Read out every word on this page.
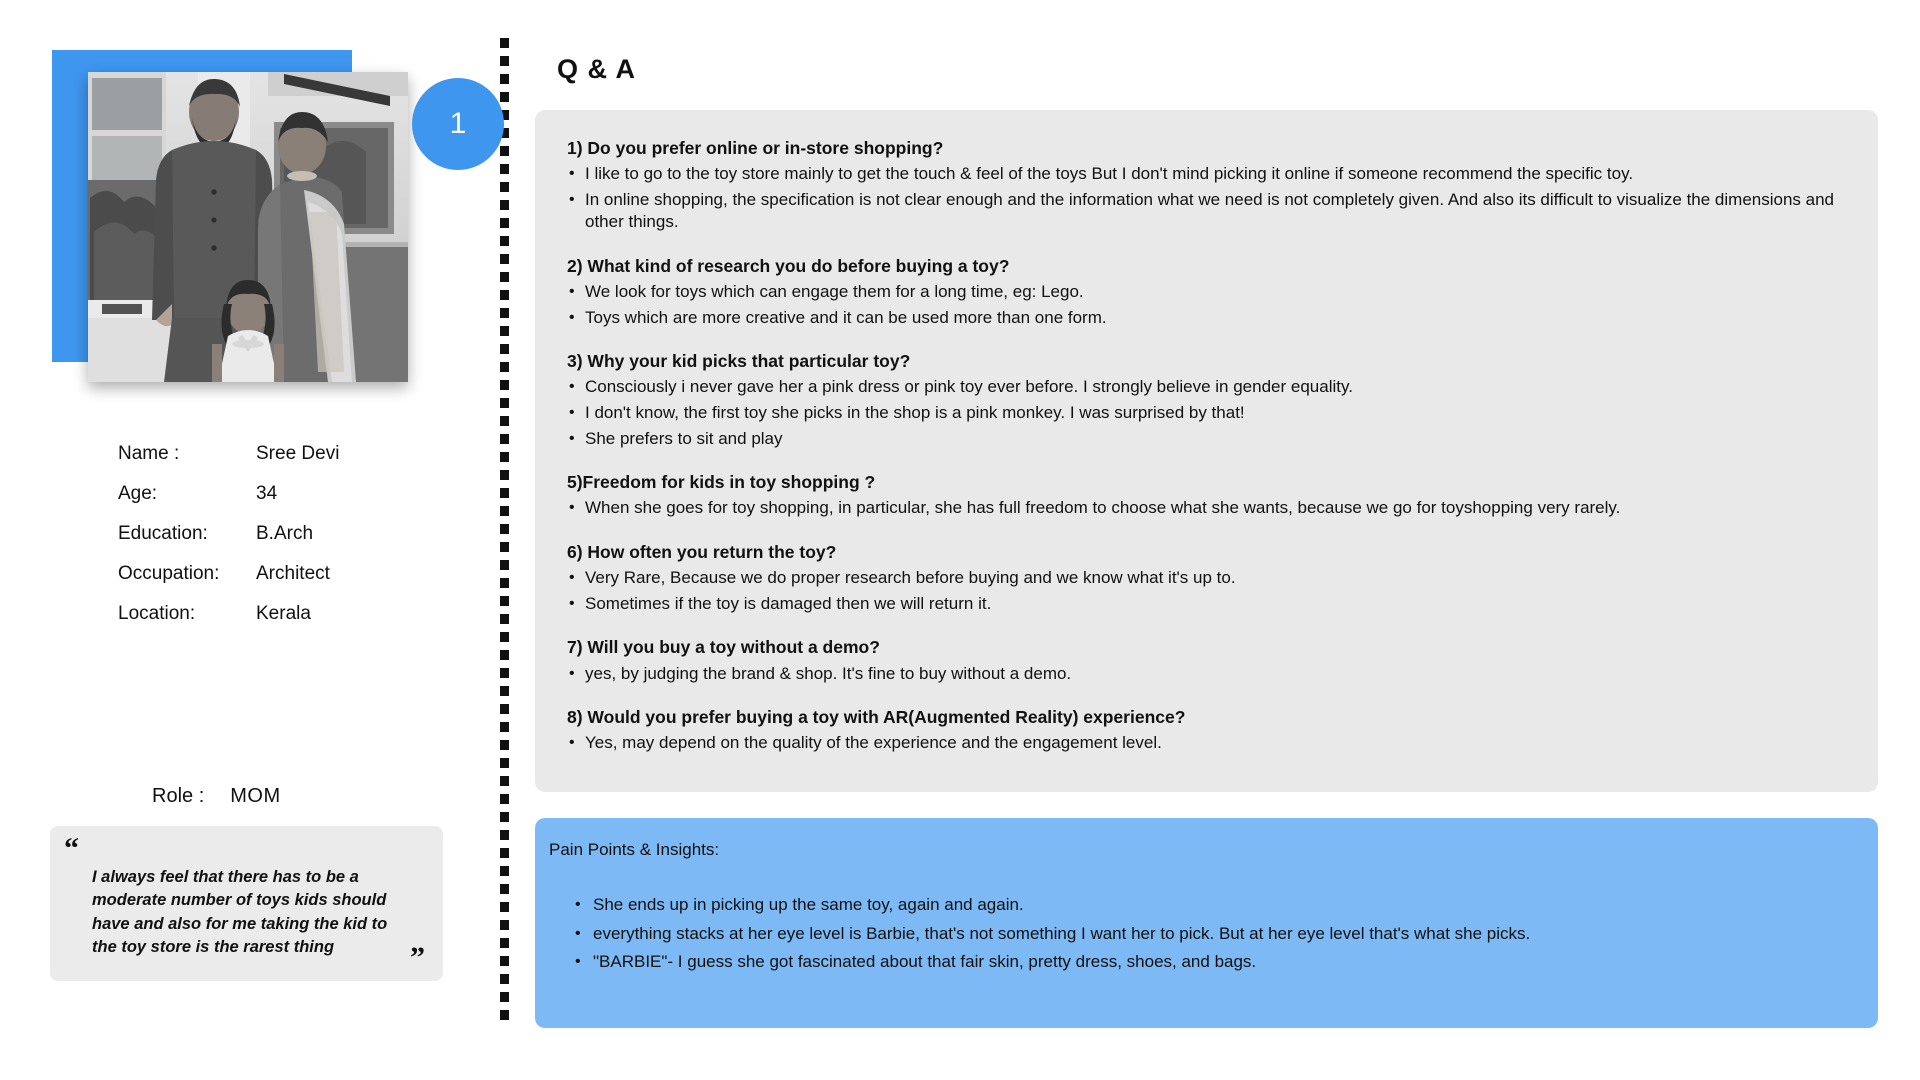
1
Name :	Sree Devi
Age:	34
Education:	B.Arch
Occupation:	Architect
Location:	Kerala
Role : MOM
“
I always feel that there has to be a moderate number of toys kids should have and also for me taking the kid to the toy store is the rarest thing	”
Q & A
1) Do you prefer online or in-store shopping?
• I like to go to the toy store mainly to get the touch & feel of the toys But I don't mind picking it online if someone recommend the specific toy.
• In online shopping, the specification is not clear enough and the information what we need is not completely given. And also its difficult to visualize the dimensions and other things.
2) What kind of research you do before buying a toy?
• We look for toys which can engage them for a long time, eg: Lego.
• Toys which are more creative and it can be used more than one form.
3) Why your kid picks that particular toy?
• Consciously i never gave her a pink dress or pink toy ever before. I strongly believe in gender equality.
• I don't know, the first toy she picks in the shop is a pink monkey. I was surprised by that!
• She prefers to sit and play
5)Freedom for kids in toy shopping ?
• When she goes for toy shopping, in particular, she has full freedom to choose what she wants, because we go for toyshopping very rarely.
6) How often you return the toy?
• Very Rare, Because we do proper research before buying and we know what it's up to.
• Sometimes if the toy is damaged then we will return it.
7) Will you buy a toy without a demo?
• yes, by judging the brand & shop. It's fine to buy without a demo.
8) Would you prefer buying a toy with AR(Augmented Reality) experience?
• Yes, may depend on the quality of the experience and the engagement level.
Pain Points & Insights:
• She ends up in picking up the same toy, again and again.
• everything stacks at her eye level is Barbie, that's not something I want her to pick. But at her eye level that's what she picks.
• "BARBIE"- I guess she got fascinated about that fair skin, pretty dress, shoes, and bags.
